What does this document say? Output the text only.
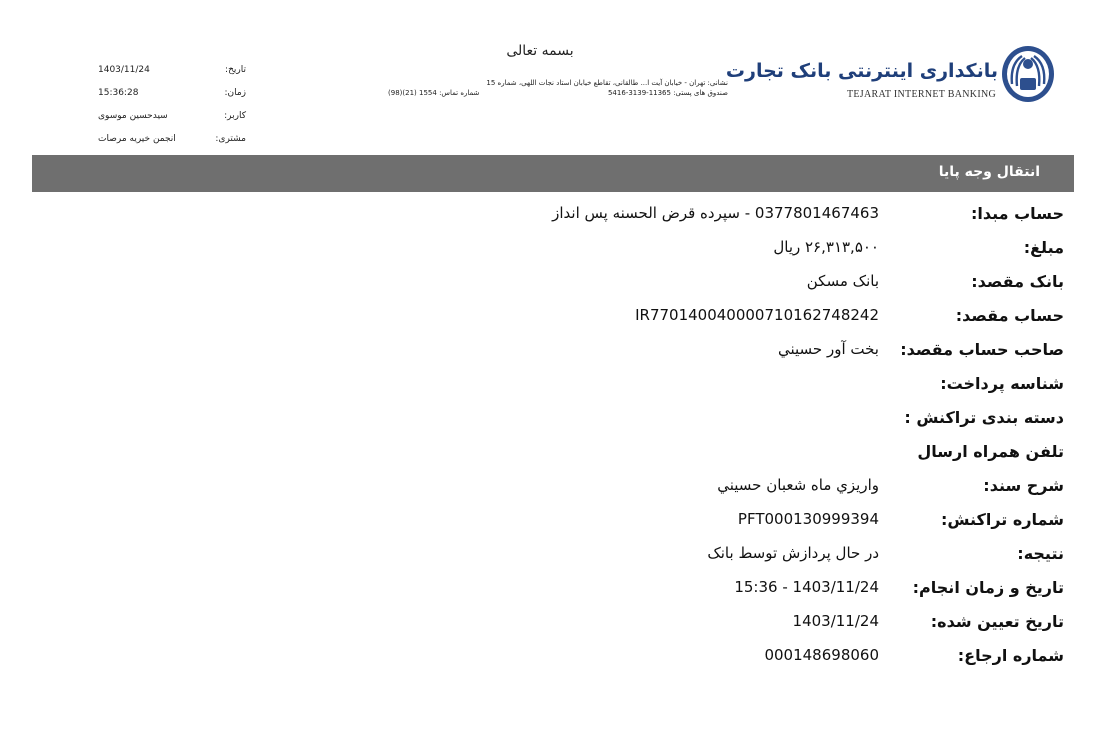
بانکداری اینترنتی بانک تجارت
TEJARAT INTERNET BANKING
بسمه تعالی
نشانی: تهران - خیابان آیت ا... طالقانی، تقاطع خیابان استاد نجات اللهی، شماره 15
صندوق های پستی: 11365-3139-5416
شماره تماس: 1554 (21)(98)
تاریخ:
1403/11/24
زمان:
15:36:28
کاربر:
سیدحسین موسوی
مشتری:
انجمن خیریه مرصات
انتقال وجه پایا
حساب مبدا:
0377801467463 - سپرده قرض الحسنه پس انداز
مبلغ:
۲۶,۳۱۳,۵۰۰ ریال
بانک مقصد:
بانک مسکن
حساب مقصد:
IR770140040000710162748242
صاحب حساب مقصد:
بخت آور حسيني
شناسه پرداخت:
دسته بندی تراکنش :
تلفن همراه ارسال
شرح سند:
واريزي ماه شعبان حسيني
شماره تراکنش:
PFT000130999394
نتیجه:
در حال پردازش توسط بانک
تاریخ و زمان انجام:
1403/11/24 - 15:36
تاریخ تعیین شده:
1403/11/24
شماره ارجاع:
000148698060
